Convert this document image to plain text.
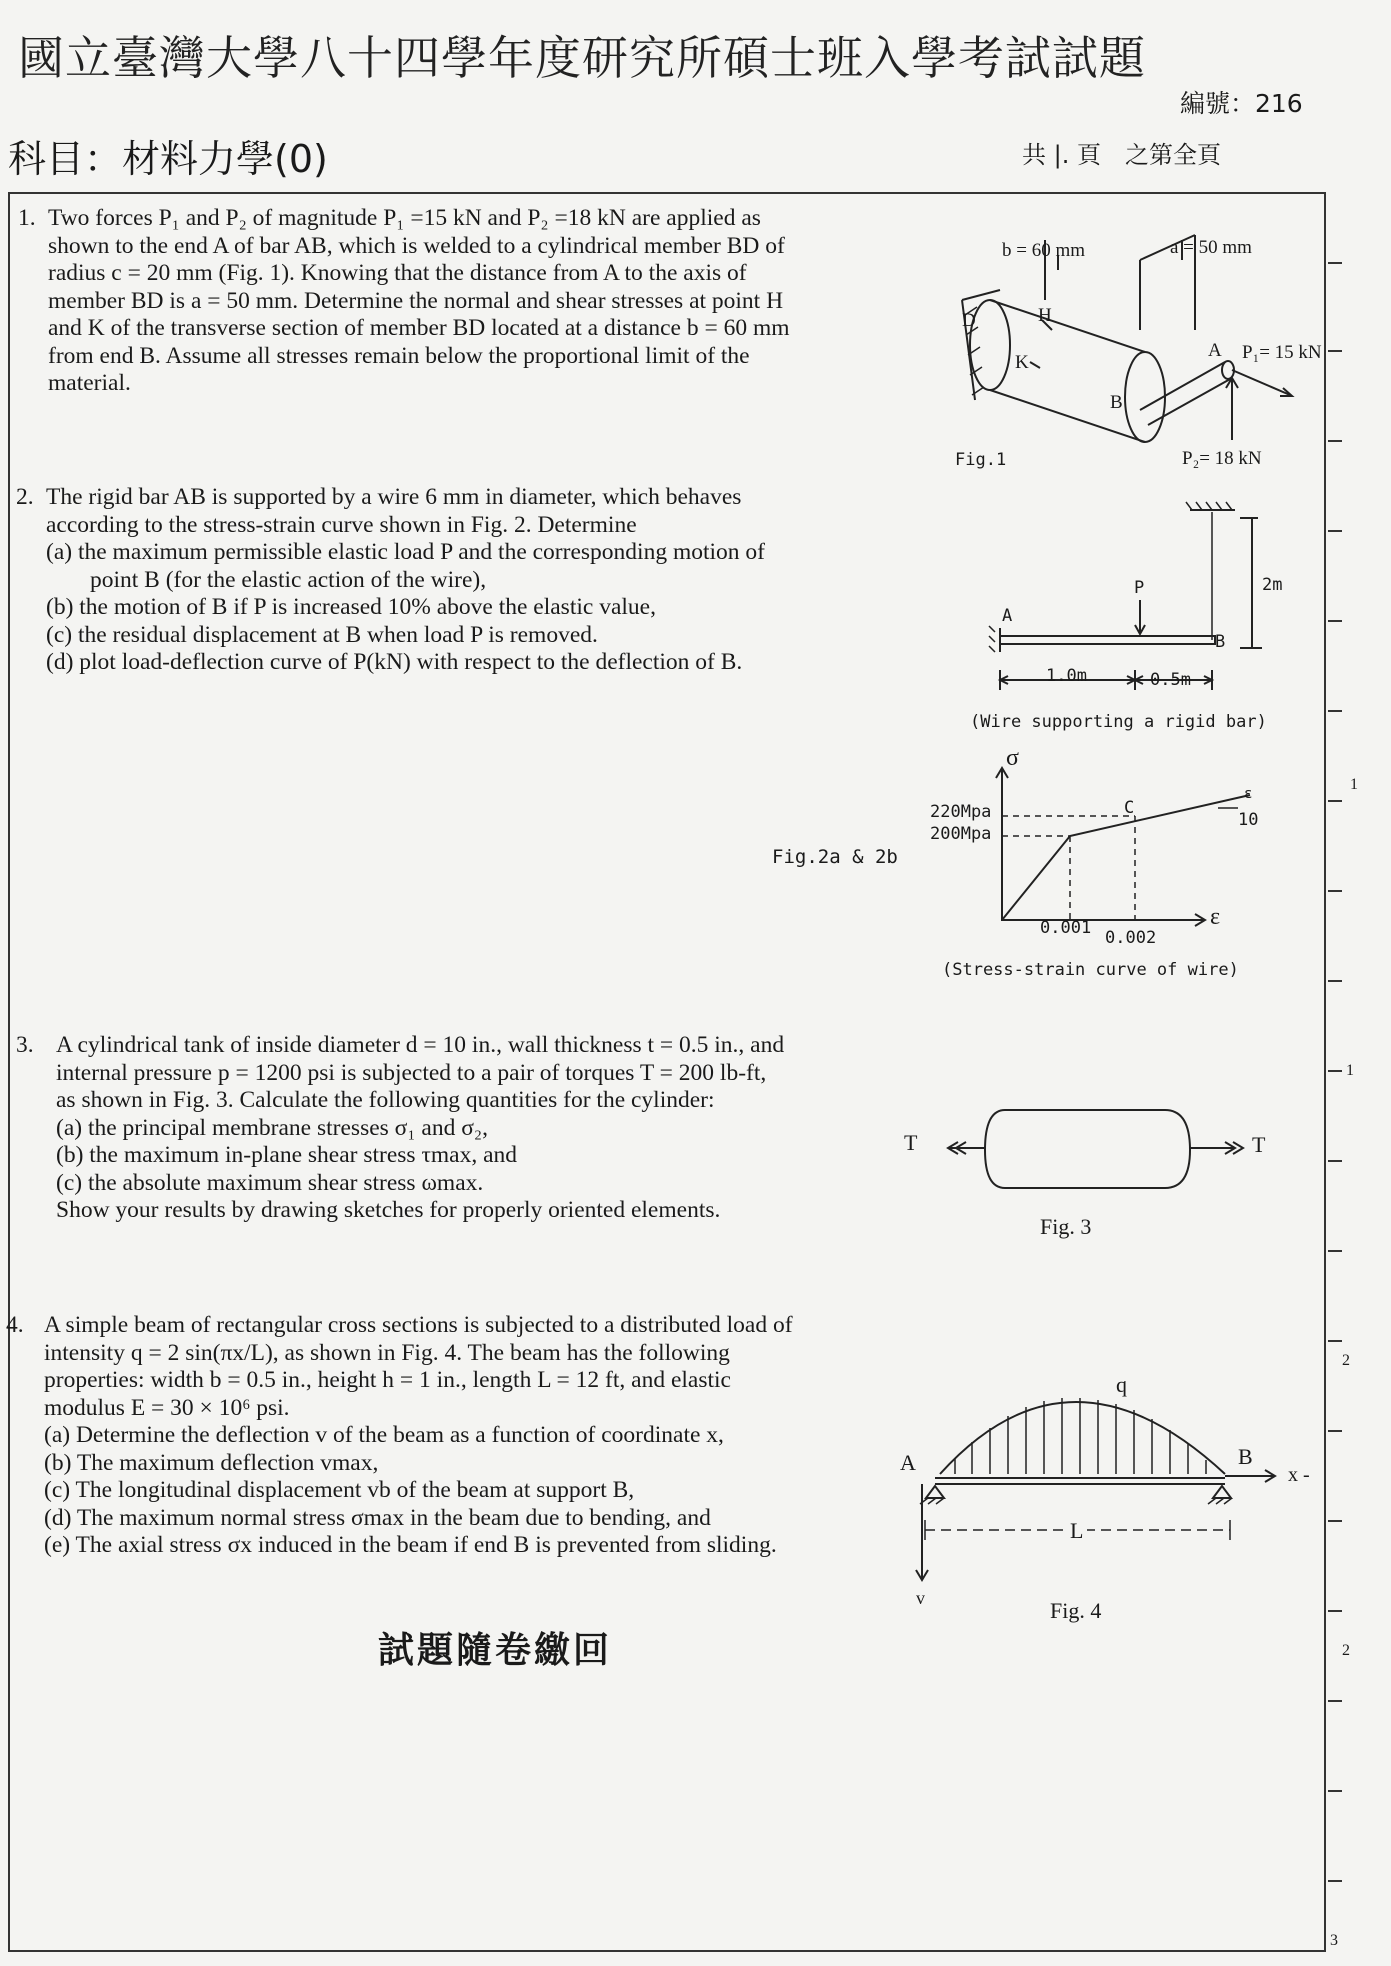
國立臺灣大學八十四學年度研究所碩士班入學考試試題
編號：216
科目：材料力學(0)	共 |. 頁　之第全頁
1. Two forces P₁ and P₂ of magnitude P₁ =15 kN and P₂ =18 kN are applied as
shown to the end A of bar AB, which is welded to a cylindrical member BD of
radius c = 20 mm (Fig. 1). Knowing that the distance from A to the axis of
member BD is a = 50 mm. Determine the normal and shear stresses at point H
and K of the transverse section of member BD located at a distance b = 60 mm
from end B. Assume all stresses remain below the proportional limit of the
material.
2. The rigid bar AB is supported by a wire 6 mm in diameter, which behaves
according to the stress-strain curve shown in Fig. 2. Determine
(a) the maximum permissible elastic load P and the corresponding motion of
point B (for the elastic action of the wire),
(b) the motion of B if P is increased 10% above the elastic value,
(c) the residual displacement at B when load P is removed.
(d) plot load-deflection curve of P(kN) with respect to the deflection of B.
3. A cylindrical tank of inside diameter d = 10 in., wall thickness t = 0.5 in., and
internal pressure p = 1200 psi is subjected to a pair of torques T = 200 lb-ft,
as shown in Fig. 3. Calculate the following quantities for the cylinder:
(a) the principal membrane stresses σ₁ and σ₂,
(b) the maximum in-plane shear stress τmax, and
(c) the absolute maximum shear stress ωmax.
Show your results by drawing sketches for properly oriented elements.
4. A simple beam of rectangular cross sections is subjected to a distributed load of
intensity q = 2 sin(πx/L), as shown in Fig. 4. The beam has the following
properties: width b = 0.5 in., height h = 1 in., length L = 12 ft, and elastic
modulus E = 30 × 10⁶ psi.
(a) Determine the deflection v of the beam as a function of coordinate x,
(b) The maximum deflection vmax,
(c) The longitudinal displacement vb of the beam at support B,
(d) The maximum normal stress σmax in the beam due to bending, and
(e) The axial stress σx induced in the beam if end B is prevented from sliding.
b = 60 mm	a = 50 mm
D	H
K
A
B
P₁= 15 kN
P₂= 18 kN
Fig.1
A
B
P	2m
1.0m	0.5m
(Wire supporting a rigid bar)
σ
ε
220Mpa
200Mpa
0.001 0.002
C
ε
10
Fig.2a & 2b
(Stress-strain curve of wire)
T	T
Fig. 3
q
A	B
x -
L
v	Fig. 4
試題隨卷繳回
1
1
2
2
3
